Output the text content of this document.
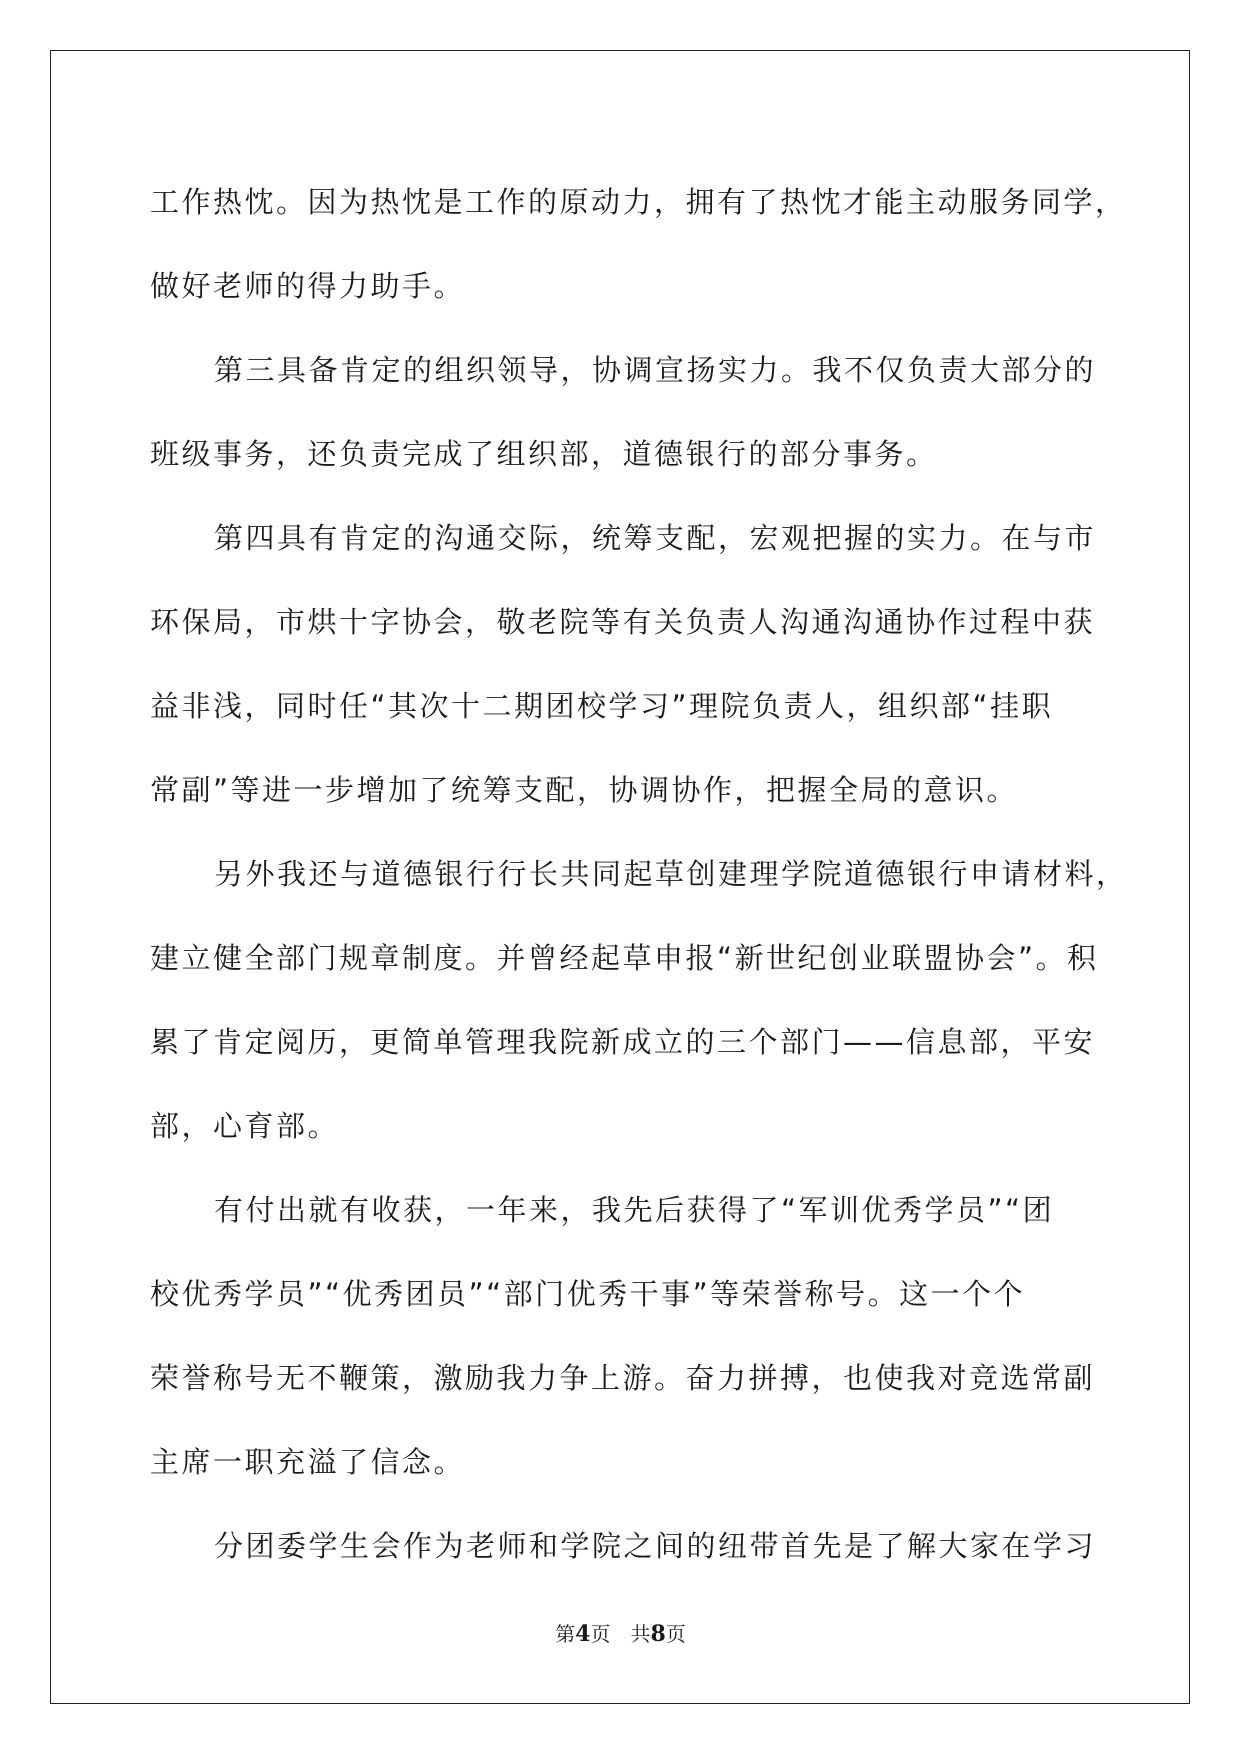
工作热忱。因为热忱是工作的原动力，拥有了热忱才能主动服务同学，
做好老师的得力助手。
第三具备肯定的组织领导，协调宣扬实力。我不仅负责大部分的
班级事务，还负责完成了组织部，道德银行的部分事务。
第四具有肯定的沟通交际，统筹支配，宏观把握的实力。在与市
环保局，市烘十字协会，敬老院等有关负责人沟通沟通协作过程中获
益非浅，同时任“其次十二期团校学习”理院负责人，组织部“挂职
常副”等进一步增加了统筹支配，协调协作，把握全局的意识。
另外我还与道德银行行长共同起草创建理学院道德银行申请材料，
建立健全部门规章制度。并曾经起草申报“新世纪创业联盟协会”。积
累了肯定阅历，更简单管理我院新成立的三个部门——信息部，平安
部，心育部。
有付出就有收获，一年来，我先后获得了“军训优秀学员”“团
校优秀学员”“优秀团员”“部门优秀干事”等荣誉称号。这一个个
荣誉称号无不鞭策，激励我力争上游。奋力拼搏，也使我对竞选常副
主席一职充溢了信念。
分团委学生会作为老师和学院之间的纽带首先是了解大家在学习
第4页　共8页
